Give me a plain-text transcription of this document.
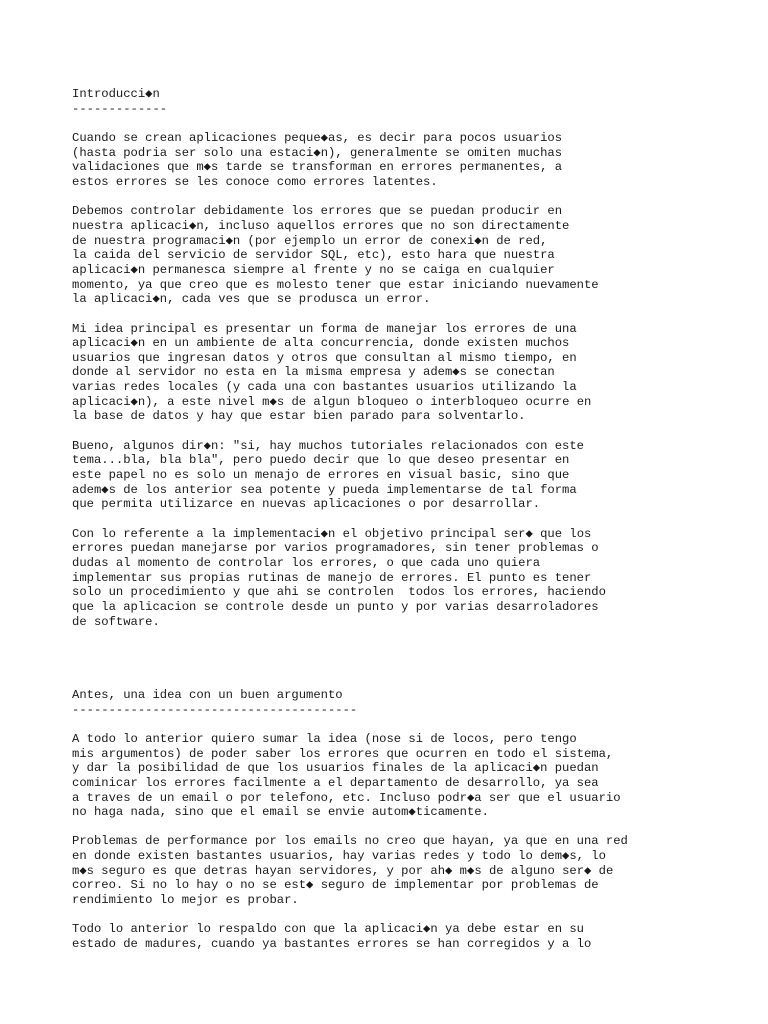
Introducci◆n
-------------

Cuando se crean aplicaciones peque◆as, es decir para pocos usuarios
(hasta podria ser solo una estaci◆n), generalmente se omiten muchas
validaciones que m◆s tarde se transforman en errores permanentes, a
estos errores se les conoce como errores latentes.

Debemos controlar debidamente los errores que se puedan producir en
nuestra aplicaci◆n, incluso aquellos errores que no son directamente
de nuestra programaci◆n (por ejemplo un error de conexi◆n de red,
la caida del servicio de servidor SQL, etc), esto hara que nuestra
aplicaci◆n permanesca siempre al frente y no se caiga en cualquier
momento, ya que creo que es molesto tener que estar iniciando nuevamente
la aplicaci◆n, cada ves que se produsca un error.

Mi idea principal es presentar un forma de manejar los errores de una
aplicaci◆n en un ambiente de alta concurrencia, donde existen muchos
usuarios que ingresan datos y otros que consultan al mismo tiempo, en
donde al servidor no esta en la misma empresa y adem◆s se conectan
varias redes locales (y cada una con bastantes usuarios utilizando la
aplicaci◆n), a este nivel m◆s de algun bloqueo o interbloqueo ocurre en
la base de datos y hay que estar bien parado para solventarlo.

Bueno, algunos dir◆n: "si, hay muchos tutoriales relacionados con este
tema...bla, bla bla", pero puedo decir que lo que deseo presentar en
este papel no es solo un menajo de errores en visual basic, sino que
adem◆s de los anterior sea potente y pueda implementarse de tal forma
que permita utilizarce en nuevas aplicaciones o por desarrollar.

Con lo referente a la implementaci◆n el objetivo principal ser◆ que los
errores puedan manejarse por varios programadores, sin tener problemas o
dudas al momento de controlar los errores, o que cada uno quiera
implementar sus propias rutinas de manejo de errores. El punto es tener
solo un procedimiento y que ahi se controlen  todos los errores, haciendo
que la aplicacion se controle desde un punto y por varias desarroladores
de software.

Antes, una idea con un buen argumento
---------------------------------------

A todo lo anterior quiero sumar la idea (nose si de locos, pero tengo
mis argumentos) de poder saber los errores que ocurren en todo el sistema,
y dar la posibilidad de que los usuarios finales de la aplicaci◆n puedan
cominicar los errores facilmente a el departamento de desarrollo, ya sea
a traves de un email o por telefono, etc. Incluso podr◆a ser que el usuario
no haga nada, sino que el email se envie autom◆ticamente.

Problemas de performance por los emails no creo que hayan, ya que en una red
en donde existen bastantes usuarios, hay varias redes y todo lo dem◆s, lo
m◆s seguro es que detras hayan servidores, y por ah◆ m◆s de alguno ser◆ de
correo. Si no lo hay o no se est◆ seguro de implementar por problemas de
rendimiento lo mejor es probar.

Todo lo anterior lo respaldo con que la aplicaci◆n ya debe estar en su
estado de madures, cuando ya bastantes errores se han corregidos y a lo
